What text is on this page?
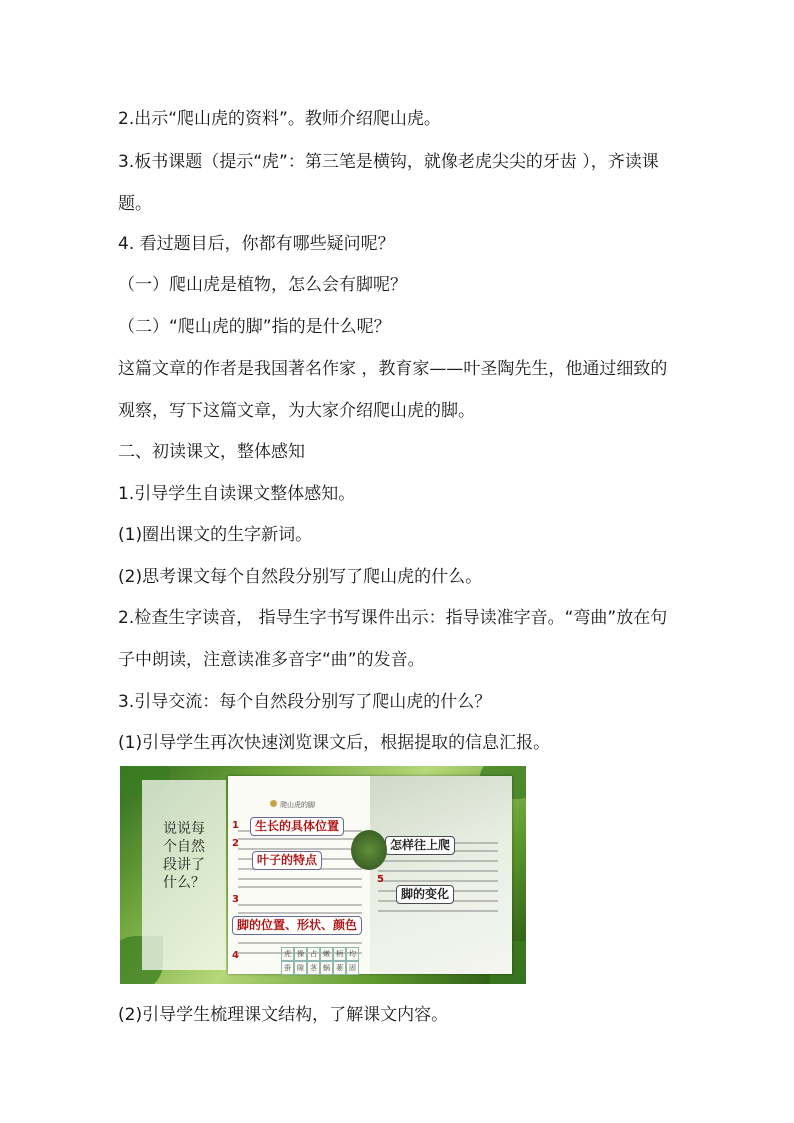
2.出示“爬山虎的资料”。教师介绍爬山虎。
3.板书课题（提示“虎”：第三笔是横钩，就像老虎尖尖的牙齿 ），齐读课
题。
4. 看过题目后，你都有哪些疑问呢？
（一）爬山虎是植物，怎么会有脚呢？
（二）“爬山虎的脚”指的是什么呢？
这篇文章的作者是我国著名作家 ，教育家——叶圣陶先生，他通过细致的
观察，写下这篇文章，为大家介绍爬山虎的脚。
二、初读课文，整体感知
1.引导学生自读课文整体感知。
(1)圈出课文的生字新词。
(2)思考课文每个自然段分别写了爬山虎的什么。
2.检查生字读音， 指导生字书写课件出示：指导读准字音。“弯曲”放在句
子中朗读，注意读准多音字“曲”的发音。
3.引导交流：每个自然段分别写了爬山虎的什么？
(1)引导学生再次快速浏览课文后，根据提取的信息汇报。
(2)引导学生梳理课文结构，了解课文内容。
说说每个自然段讲了什么？
爬山虎的脚
1
2
3
4
5
生长的具体位置
叶子的特点
脚的位置、形状、颜色
怎样往上爬
脚的变化
虎 操 占 嫩 柄 均
蚕 隙 茎 蜗 萎 固
